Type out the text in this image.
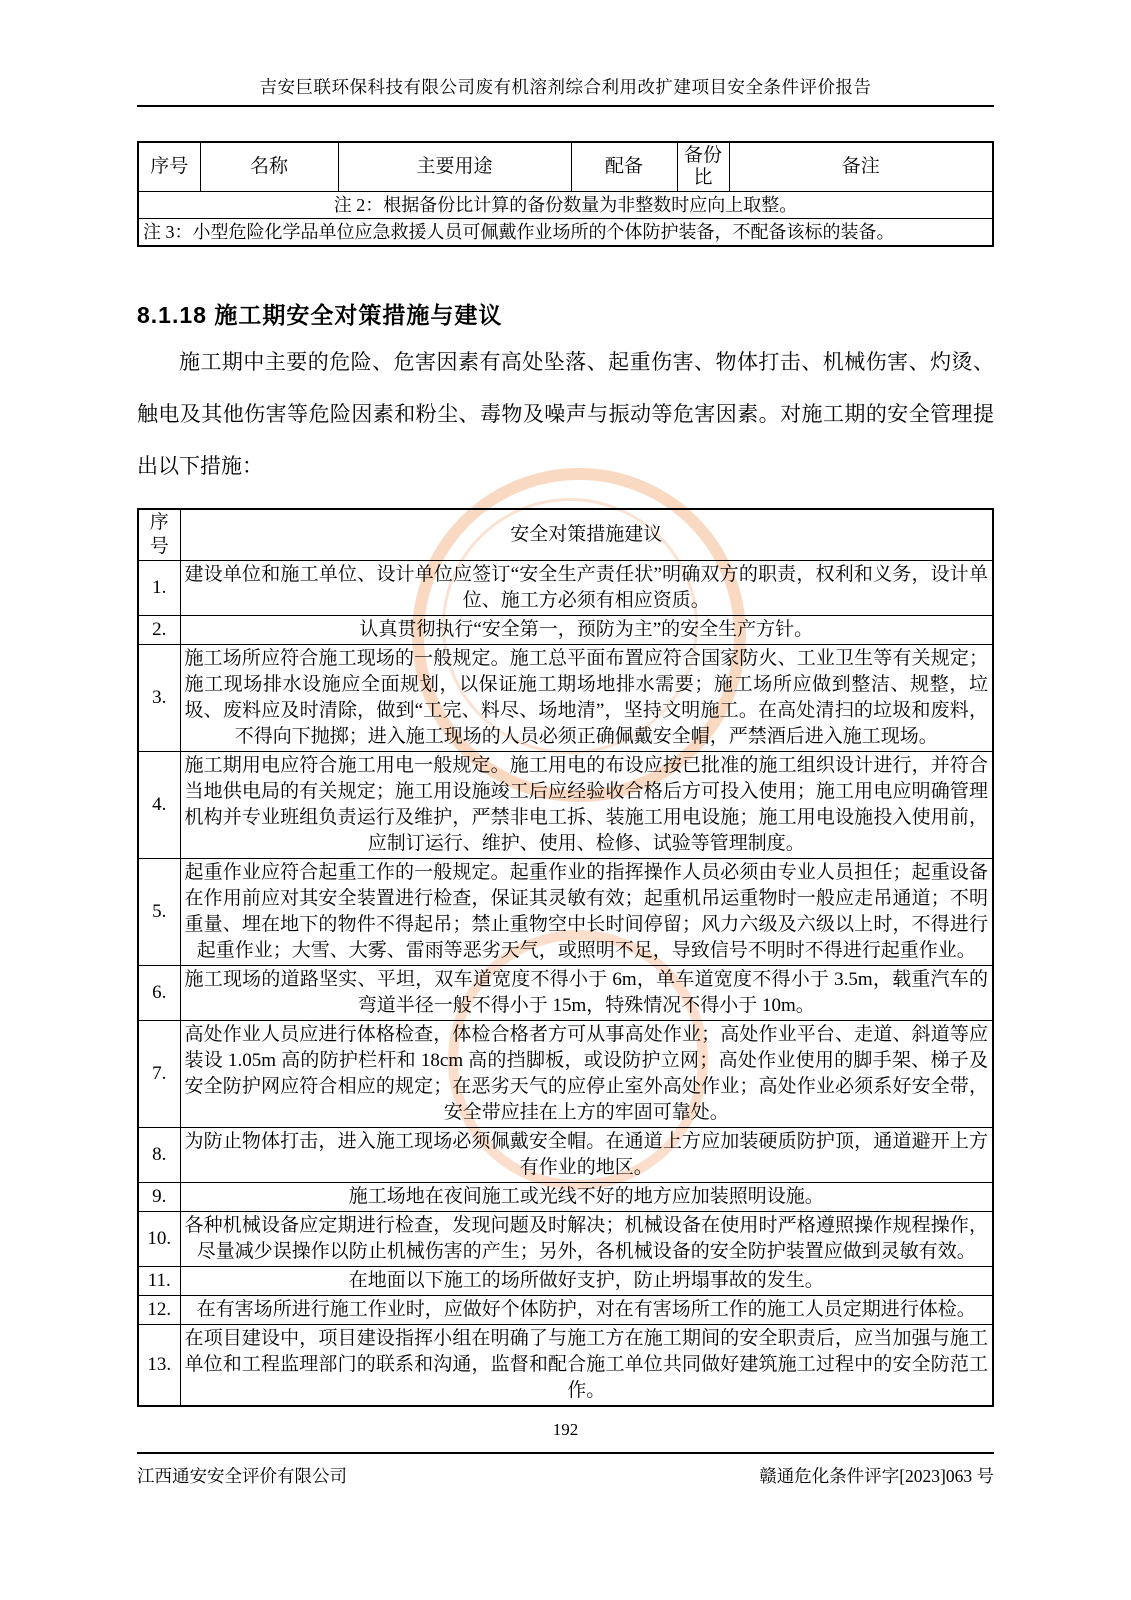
吉安巨联环保科技有限公司废有机溶剂综合利用改扩建项目安全条件评价报告
序号	名称	主要用途	配备	备份比	备注
注 2：根据备份比计算的备份数量为非整数时应向上取整。
注 3：小型危险化学品单位应急救援人员可佩戴作业场所的个体防护装备，不配备该标的装备。
8.1.18 施工期安全对策措施与建议

施工期中主要的危险、危害因素有高处坠落、起重伤害、物体打击、机械伤害、灼烫、触电及其他伤害等危险因素和粉尘、毒物及噪声与振动等危害因素。对施工期的安全管理提出以下措施：

序号	安全对策措施建议
1.	建设单位和施工单位、设计单位应签订“安全生产责任状”明确双方的职责，权利和义务，设计单位、施工方必须有相应资质。
2.	认真贯彻执行“安全第一，预防为主”的安全生产方针。
3.	施工场所应符合施工现场的一般规定。施工总平面布置应符合国家防火、工业卫生等有关规定；施工现场排水设施应全面规划，以保证施工期场地排水需要；施工场所应做到整洁、规整，垃圾、废料应及时清除，做到“工完、料尽、场地清”，坚持文明施工。在高处清扫的垃圾和废料，不得向下抛掷；进入施工现场的人员必须正确佩戴安全帽，严禁酒后进入施工现场。
4.	施工期用电应符合施工用电一般规定。施工用电的布设应按已批准的施工组织设计进行，并符合当地供电局的有关规定；施工用设施竣工后应经验收合格后方可投入使用；施工用电应明确管理机构并专业班组负责运行及维护，严禁非电工拆、装施工用电设施；施工用电设施投入使用前，应制订运行、维护、使用、检修、试验等管理制度。
5.	起重作业应符合起重工作的一般规定。起重作业的指挥操作人员必须由专业人员担任；起重设备在作用前应对其安全装置进行检查，保证其灵敏有效；起重机吊运重物时一般应走吊通道；不明重量、埋在地下的物件不得起吊；禁止重物空中长时间停留；风力六级及六级以上时，不得进行起重作业；大雪、大雾、雷雨等恶劣天气，或照明不足，导致信号不明时不得进行起重作业。
6.	施工现场的道路坚实、平坦，双车道宽度不得小于 6m，单车道宽度不得小于 3.5m，载重汽车的弯道半径一般不得小于 15m，特殊情况不得小于 10m。
7.	高处作业人员应进行体格检查，体检合格者方可从事高处作业；高处作业平台、走道、斜道等应装设 1.05m 高的防护栏杆和 18cm 高的挡脚板，或设防护立网；高处作业使用的脚手架、梯子及安全防护网应符合相应的规定；在恶劣天气的应停止室外高处作业；高处作业必须系好安全带，安全带应挂在上方的牢固可靠处。
8.	为防止物体打击，进入施工现场必须佩戴安全帽。在通道上方应加装硬质防护顶，通道避开上方有作业的地区。
9.	施工场地在夜间施工或光线不好的地方应加装照明设施。
10.	各种机械设备应定期进行检查，发现问题及时解决；机械设备在使用时严格遵照操作规程操作，尽量减少误操作以防止机械伤害的产生；另外，各机械设备的安全防护装置应做到灵敏有效。
11.	在地面以下施工的场所做好支护，防止坍塌事故的发生。
12.	在有害场所进行施工作业时，应做好个体防护，对在有害场所工作的施工人员定期进行体检。
13.	在项目建设中，项目建设指挥小组在明确了与施工方在施工期间的安全职责后，应当加强与施工单位和工程监理部门的联系和沟通，监督和配合施工单位共同做好建筑施工过程中的安全防范工作。
192
江西通安安全评价有限公司	赣通危化条件评字[2023]063 号
